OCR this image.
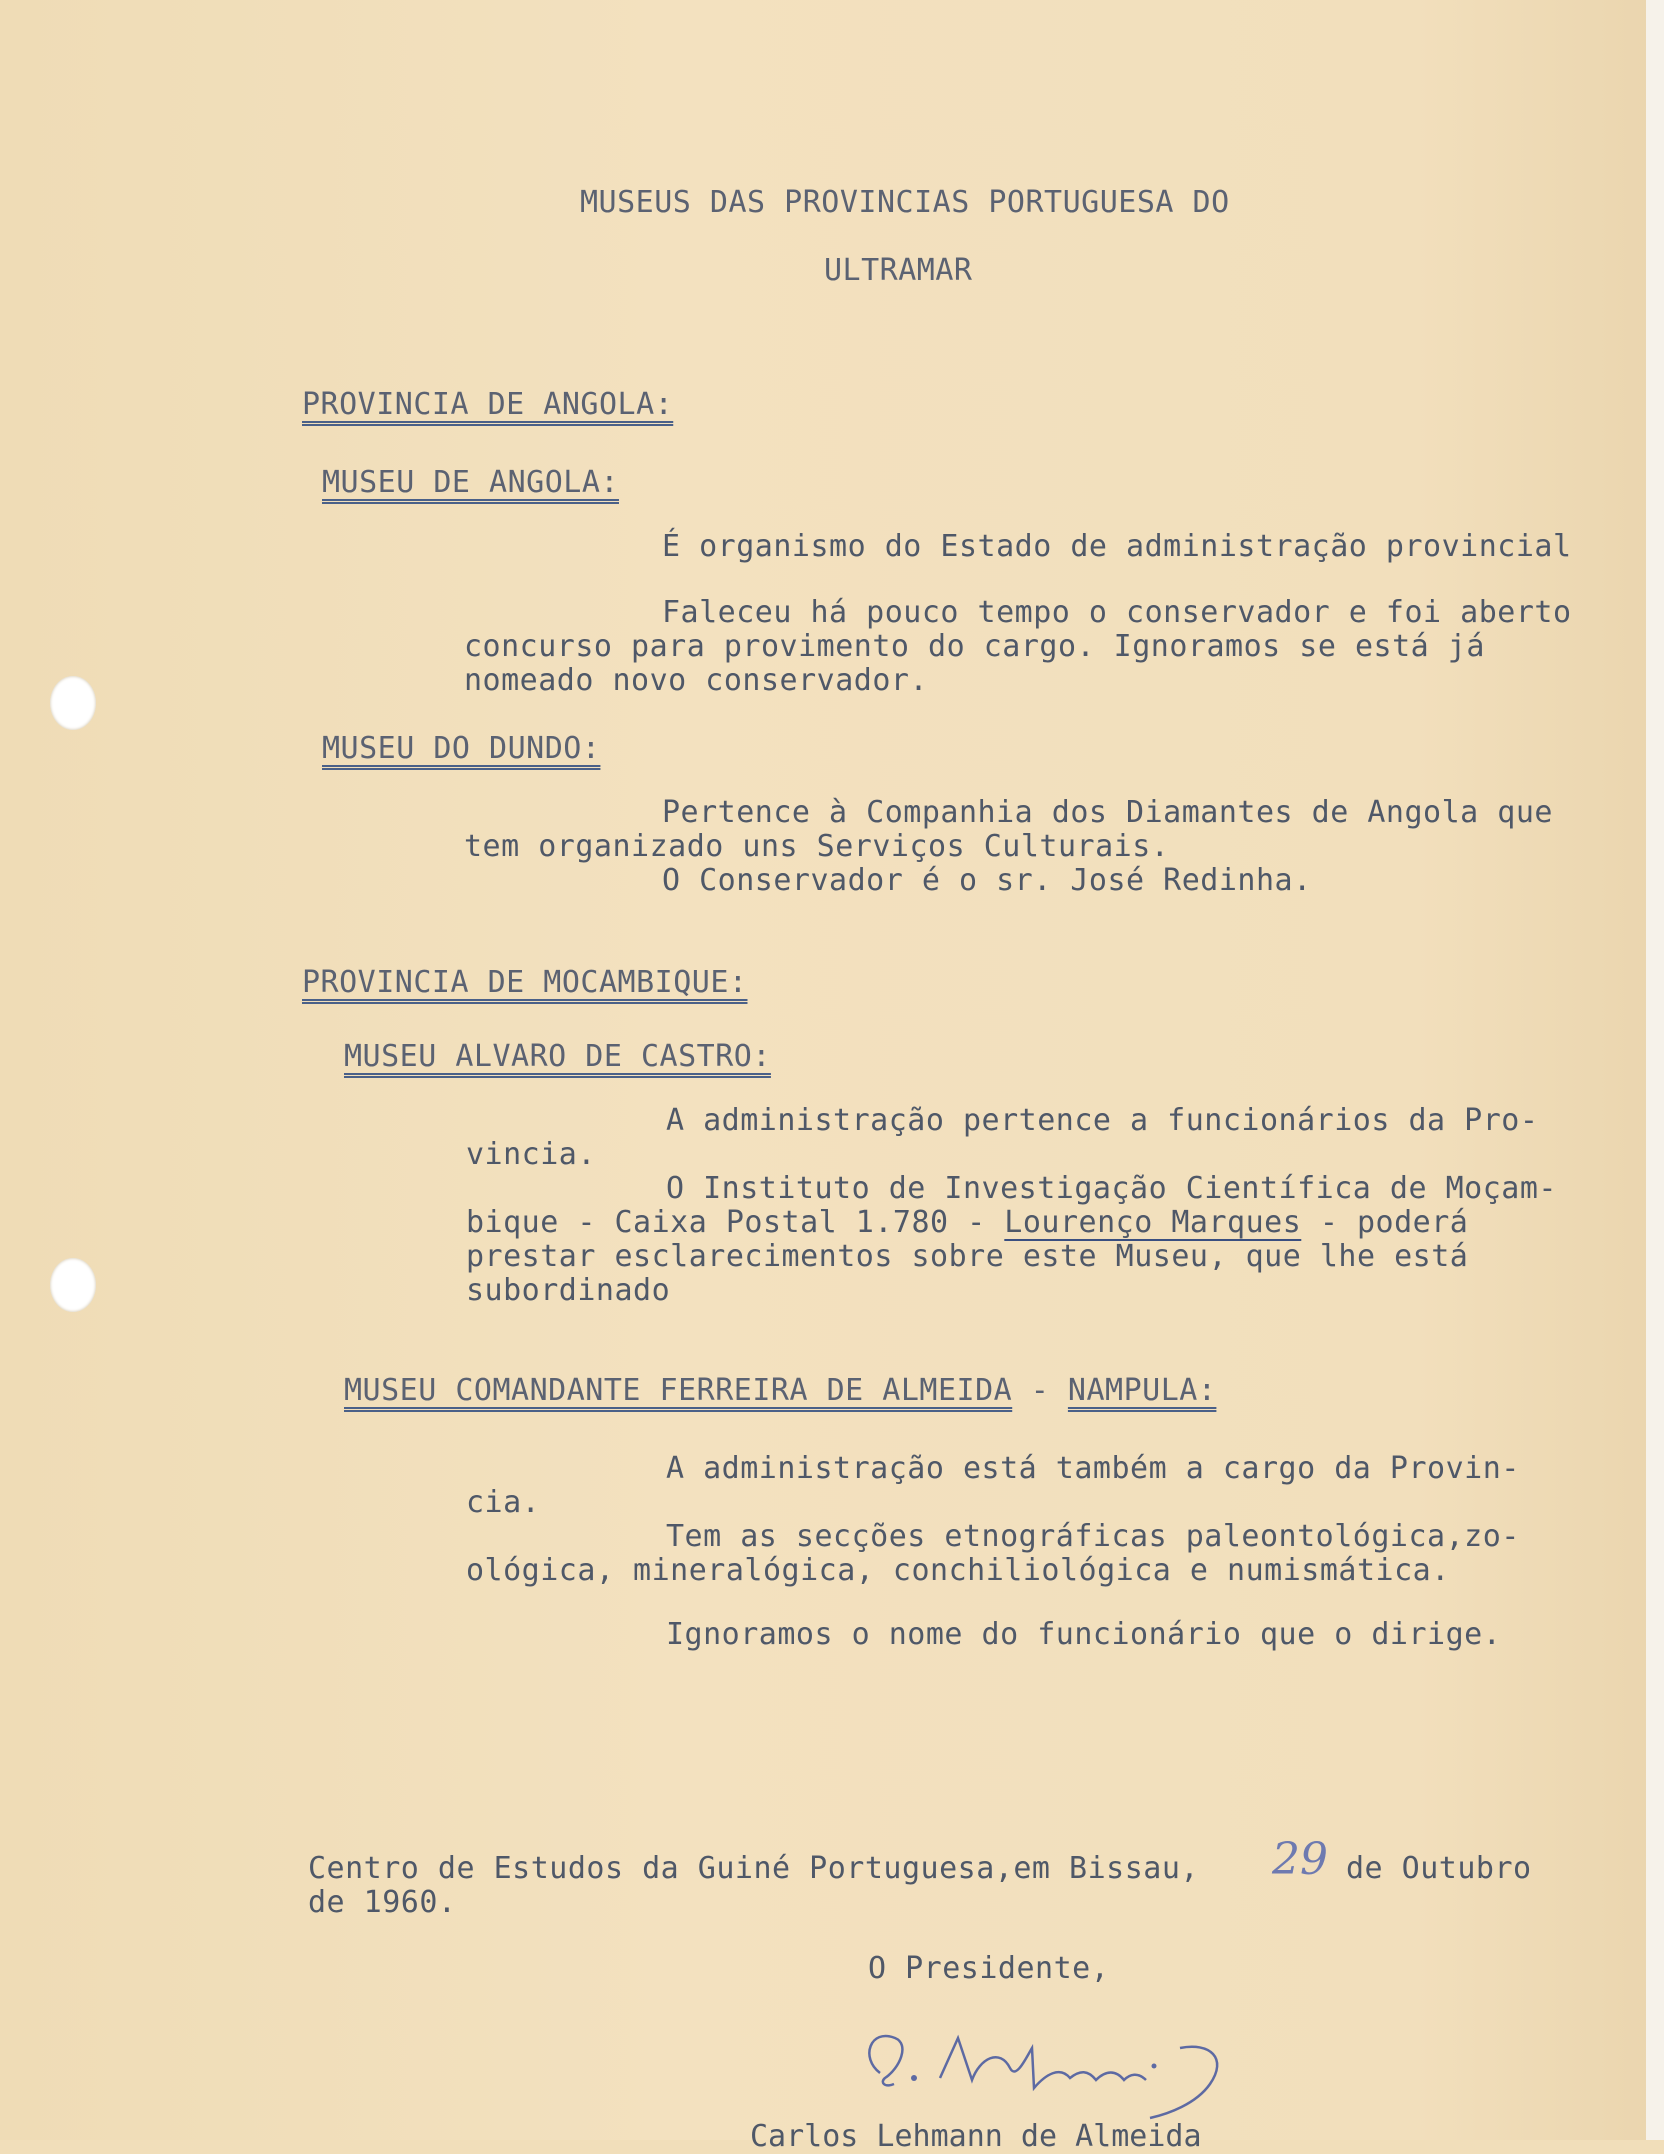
MUSEUS DAS PROVINCIAS PORTUGUESA DO
ULTRAMAR
PROVINCIA DE ANGOLA:
MUSEU DE ANGOLA:
É organismo do Estado de administração provincial
Faleceu há pouco tempo o conservador e foi aberto
concurso para provimento do cargo. Ignoramos se está já
nomeado novo conservador.
MUSEU DO DUNDO:
Pertence à Companhia dos Diamantes de Angola que
tem organizado uns Serviços Culturais.
O Conservador é o sr. José Redinha.
PROVINCIA DE MOCAMBIQUE:
MUSEU ALVARO DE CASTRO:
A administração pertence a funcionários da Pro-
vincia.
O Instituto de Investigação Científica de Moçam-
bique - Caixa Postal 1.780 - Lourenço Marques - poderá
prestar esclarecimentos sobre este Museu, que lhe está
subordinado
MUSEU COMANDANTE FERREIRA DE ALMEIDA - NAMPULA:
A administração está também a cargo da Provin-
cia.
Tem as secções etnográficas paleontológica,zo-
ológica, mineralógica, conchiliológica e numismática.
Ignoramos o nome do funcionário que o dirige.
Centro de Estudos da Guiné Portuguesa,em Bissau, 29 de Outubro
de 1960.
O Presidente,
Carlos Lehmann de Almeida
